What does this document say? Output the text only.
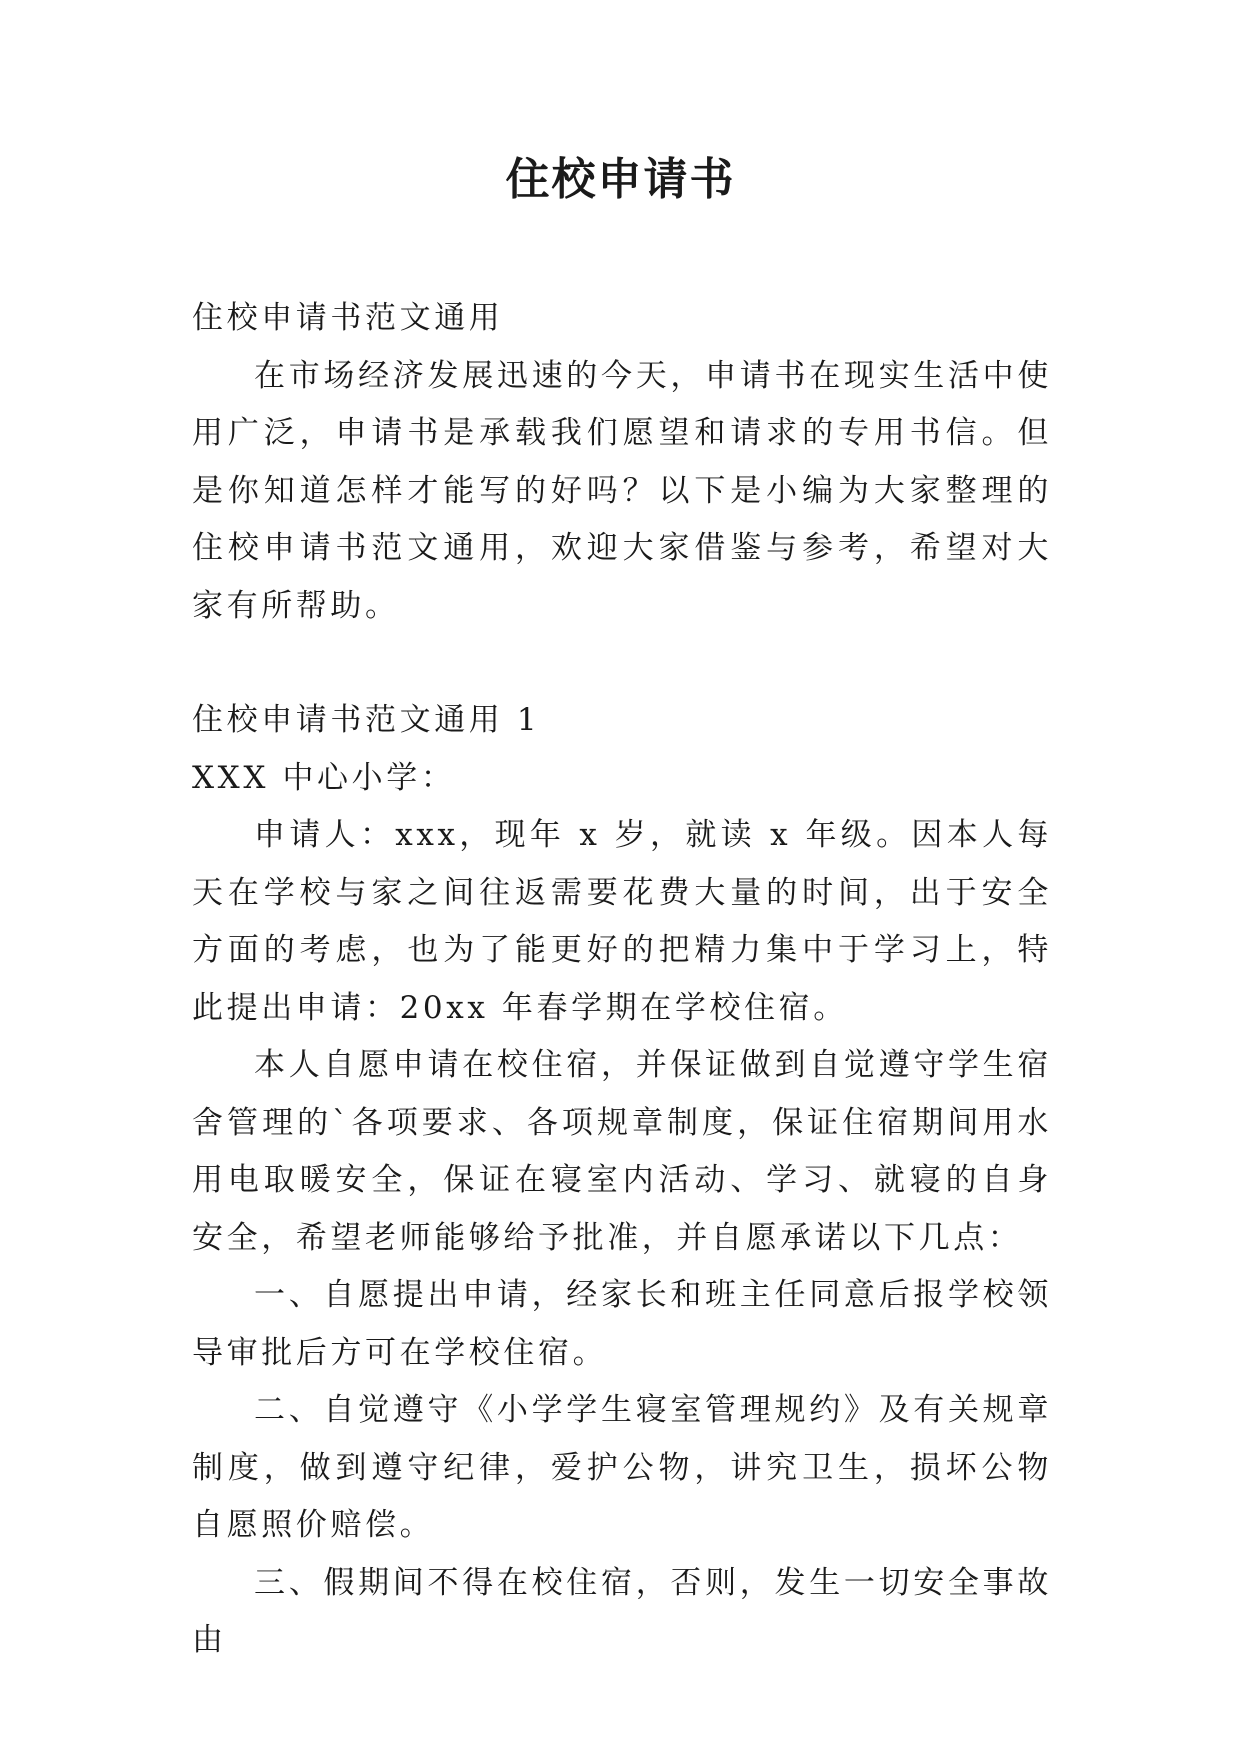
住校申请书

住校申请书范文通用

在市场经济发展迅速的今天，申请书在现实生活中使用广泛，申请书是承载我们愿望和请求的专用书信。但是你知道怎样才能写的好吗？以下是小编为大家整理的住校申请书范文通用，欢迎大家借鉴与参考，希望对大家有所帮助。

住校申请书范文通用 1

XXX 中心小学：

申请人：xxx，现年 x 岁，就读 x 年级。因本人每天在学校与家之间往返需要花费大量的时间，出于安全方面的考虑，也为了能更好的把精力集中于学习上，特此提出申请：20xx 年春学期在学校住宿。

本人自愿申请在校住宿，并保证做到自觉遵守学生宿舍管理的`各项要求、各项规章制度，保证住宿期间用水用电取暖安全，保证在寝室内活动、学习、就寝的自身安全，希望老师能够给予批准，并自愿承诺以下几点：

一、自愿提出申请，经家长和班主任同意后报学校领导审批后方可在学校住宿。

二、自觉遵守《小学学生寝室管理规约》及有关规章制度，做到遵守纪律，爱护公物，讲究卫生，损坏公物自愿照价赔偿。

三、假期间不得在校住宿，否则，发生一切安全事故由
